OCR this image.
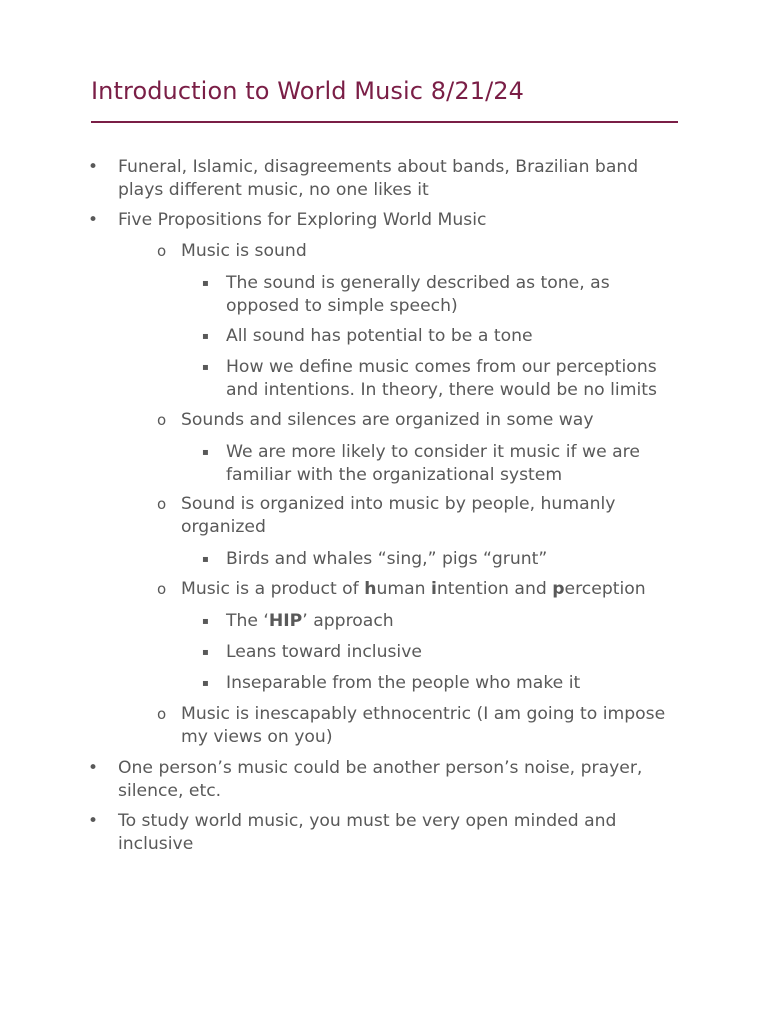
Introduction to World Music 8/21/24
• Funeral, Islamic, disagreements about bands, Brazilian band plays different music, no one likes it
• Five Propositions for Exploring World Music
o Music is sound
▪ The sound is generally described as tone, as opposed to simple speech)
▪ All sound has potential to be a tone
▪ How we define music comes from our perceptions and intentions. In theory, there would be no limits
o Sounds and silences are organized in some way
▪ We are more likely to consider it music if we are familiar with the organizational system
o Sound is organized into music by people, humanly organized
▪ Birds and whales “sing,” pigs “grunt”
o Music is a product of human intention and perception
▪ The ‘HIP’ approach
▪ Leans toward inclusive
▪ Inseparable from the people who make it
o Music is inescapably ethnocentric (I am going to impose my views on you)
• One person’s music could be another person’s noise, prayer, silence, etc.
• To study world music, you must be very open minded and inclusive
